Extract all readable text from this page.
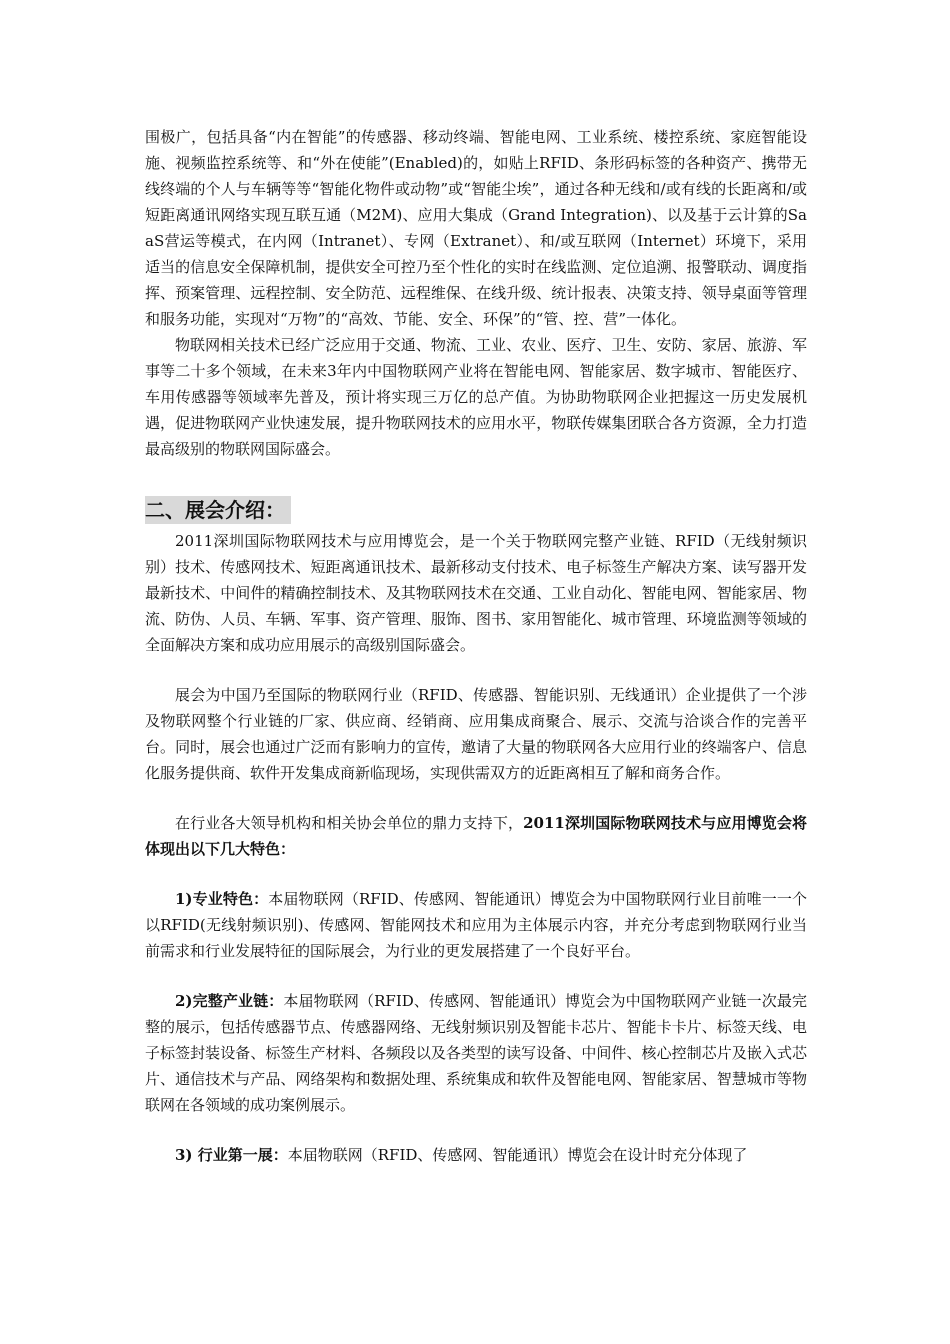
围极广，包括具备“内在智能”的传感器、移动终端、智能电网、工业系统、楼控系统、家庭智能设施、视频监控系统等、和“外在使能”(Enabled)的，如贴上RFID、条形码标签的各种资产、携带无线终端的个人与车辆等等“智能化物件或动物”或“智能尘埃”，通过各种无线和/或有线的长距离和/或短距离通讯网络实现互联互通（M2M)、应用大集成（Grand Integration)、以及基于云计算的SaaS营运等模式，在内网（Intranet）、专网（Extranet）、和/或互联网（Internet）环境下，采用适当的信息安全保障机制，提供安全可控乃至个性化的实时在线监测、定位追溯、报警联动、调度指挥、预案管理、远程控制、安全防范、远程维保、在线升级、统计报表、决策支持、领导桌面等管理和服务功能，实现对“万物”的“高效、节能、安全、环保”的“管、控、营”一体化。

物联网相关技术已经广泛应用于交通、物流、工业、农业、医疗、卫生、安防、家居、旅游、军事等二十多个领域，在未来3年内中国物联网产业将在智能电网、智能家居、数字城市、智能医疗、车用传感器等领域率先普及，预计将实现三万亿的总产值。为协助物联网企业把握这一历史发展机遇，促进物联网产业快速发展，提升物联网技术的应用水平，物联传媒集团联合各方资源，全力打造最高级别的物联网国际盛会。

二、展会介绍：

2011深圳国际物联网技术与应用博览会，是一个关于物联网完整产业链、RFID（无线射频识别）技术、传感网技术、短距离通讯技术、最新移动支付技术、电子标签生产解决方案、读写器开发最新技术、中间件的精确控制技术、及其物联网技术在交通、工业自动化、智能电网、智能家居、物流、防伪、人员、车辆、军事、资产管理、服饰、图书、家用智能化、城市管理、环境监测等领域的全面解决方案和成功应用展示的高级别国际盛会。

展会为中国乃至国际的物联网行业（RFID、传感器、智能识别、无线通讯）企业提供了一个涉及物联网整个行业链的厂家、供应商、经销商、应用集成商聚合、展示、交流与洽谈合作的完善平台。同时，展会也通过广泛而有影响力的宣传，邀请了大量的物联网各大应用行业的终端客户、信息化服务提供商、软件开发集成商新临现场，实现供需双方的近距离相互了解和商务合作。

在行业各大领导机构和相关协会单位的鼎力支持下，2011深圳国际物联网技术与应用博览会将体现出以下几大特色：

1)专业特色：本届物联网（RFID、传感网、智能通讯）博览会为中国物联网行业目前唯一一个以RFID(无线射频识别)、传感网、智能网技术和应用为主体展示内容，并充分考虑到物联网行业当前需求和行业发展特征的国际展会，为行业的更发展搭建了一个良好平台。

2)完整产业链：本届物联网（RFID、传感网、智能通讯）博览会为中国物联网产业链一次最完整的展示，包括传感器节点、传感器网络、无线射频识别及智能卡芯片、智能卡卡片、标签天线、电子标签封装设备、标签生产材料、各频段以及各类型的读写设备、中间件、核心控制芯片及嵌入式芯片、通信技术与产品、网络架构和数据处理、系统集成和软件及智能电网、智能家居、智慧城市等物联网在各领域的成功案例展示。

3) 行业第一展：本届物联网（RFID、传感网、智能通讯）博览会在设计时充分体现了
